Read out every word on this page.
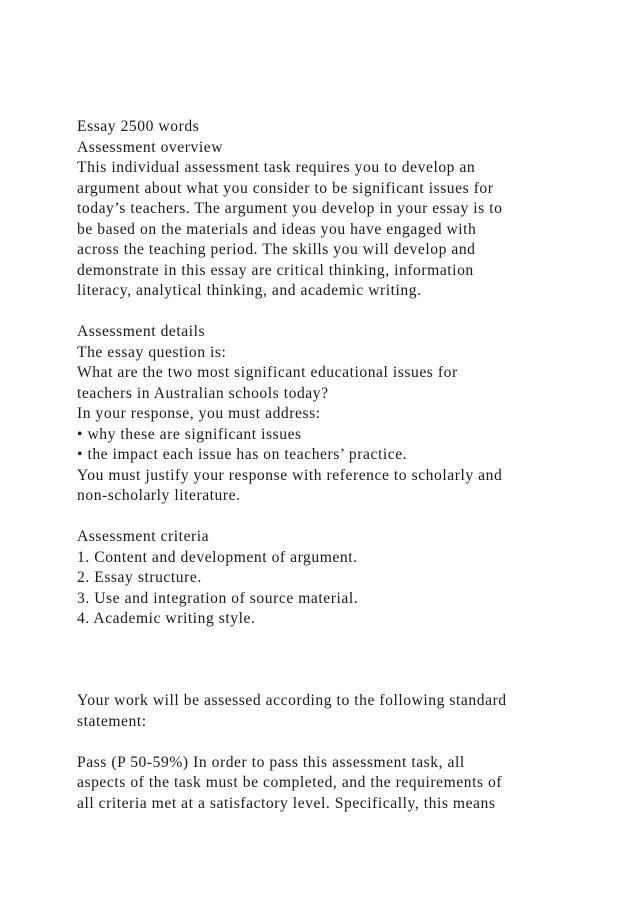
Essay 2500 words

Assessment overview

This individual assessment task requires you to develop an

argument about what you consider to be significant issues for

today’s teachers. The argument you develop in your essay is to

be based on the materials and ideas you have engaged with

across the teaching period. The skills you will develop and

demonstrate in this essay are critical thinking, information

literacy, analytical thinking, and academic writing.

Assessment details

The essay question is:

What are the two most significant educational issues for

teachers in Australian schools today?

In your response, you must address:

• why these are significant issues

• the impact each issue has on teachers’ practice.

You must justify your response with reference to scholarly and

non-scholarly literature.

Assessment criteria

1. Content and development of argument.

2. Essay structure.

3. Use and integration of source material.

4. Academic writing style.

Your work will be assessed according to the following standard

statement:

Pass (P 50-59%) In order to pass this assessment task, all

aspects of the task must be completed, and the requirements of

all criteria met at a satisfactory level. Specifically, this means
